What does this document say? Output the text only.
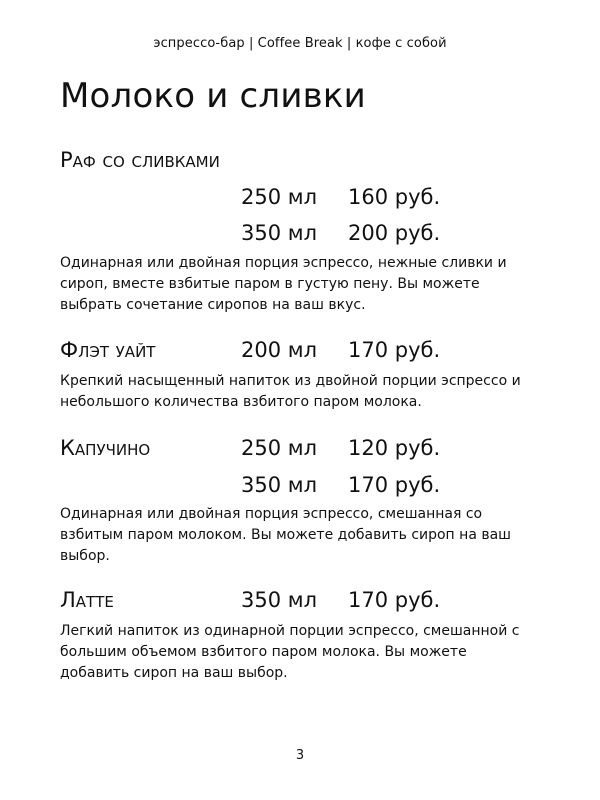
эспрессо-бар | Coffee Break | кофе с собой
Молоко и сливки
Раф со сливками
250 мл 160 руб.
350 мл 200 руб.
Одинарная или двойная порция эспрессо, нежные сливки и сироп, вместе взбитые паром в густую пену. Вы можете выбрать сочетание сиропов на ваш вкус.
Флэт уайт	200 мл 170 руб.
Крепкий насыщенный напиток из двойной порции эспрессо и небольшого количества взбитого паром молока.
Капучино	250 мл 120 руб.
350 мл 170 руб.
Одинарная или двойная порция эспрессо, смешанная со взбитым паром молоком. Вы можете добавить сироп на ваш выбор.
Латте	350 мл 170 руб.
Легкий напиток из одинарной порции эспрессо, смешанной с большим объемом взбитого паром молока. Вы можете добавить сироп на ваш выбор.
3
